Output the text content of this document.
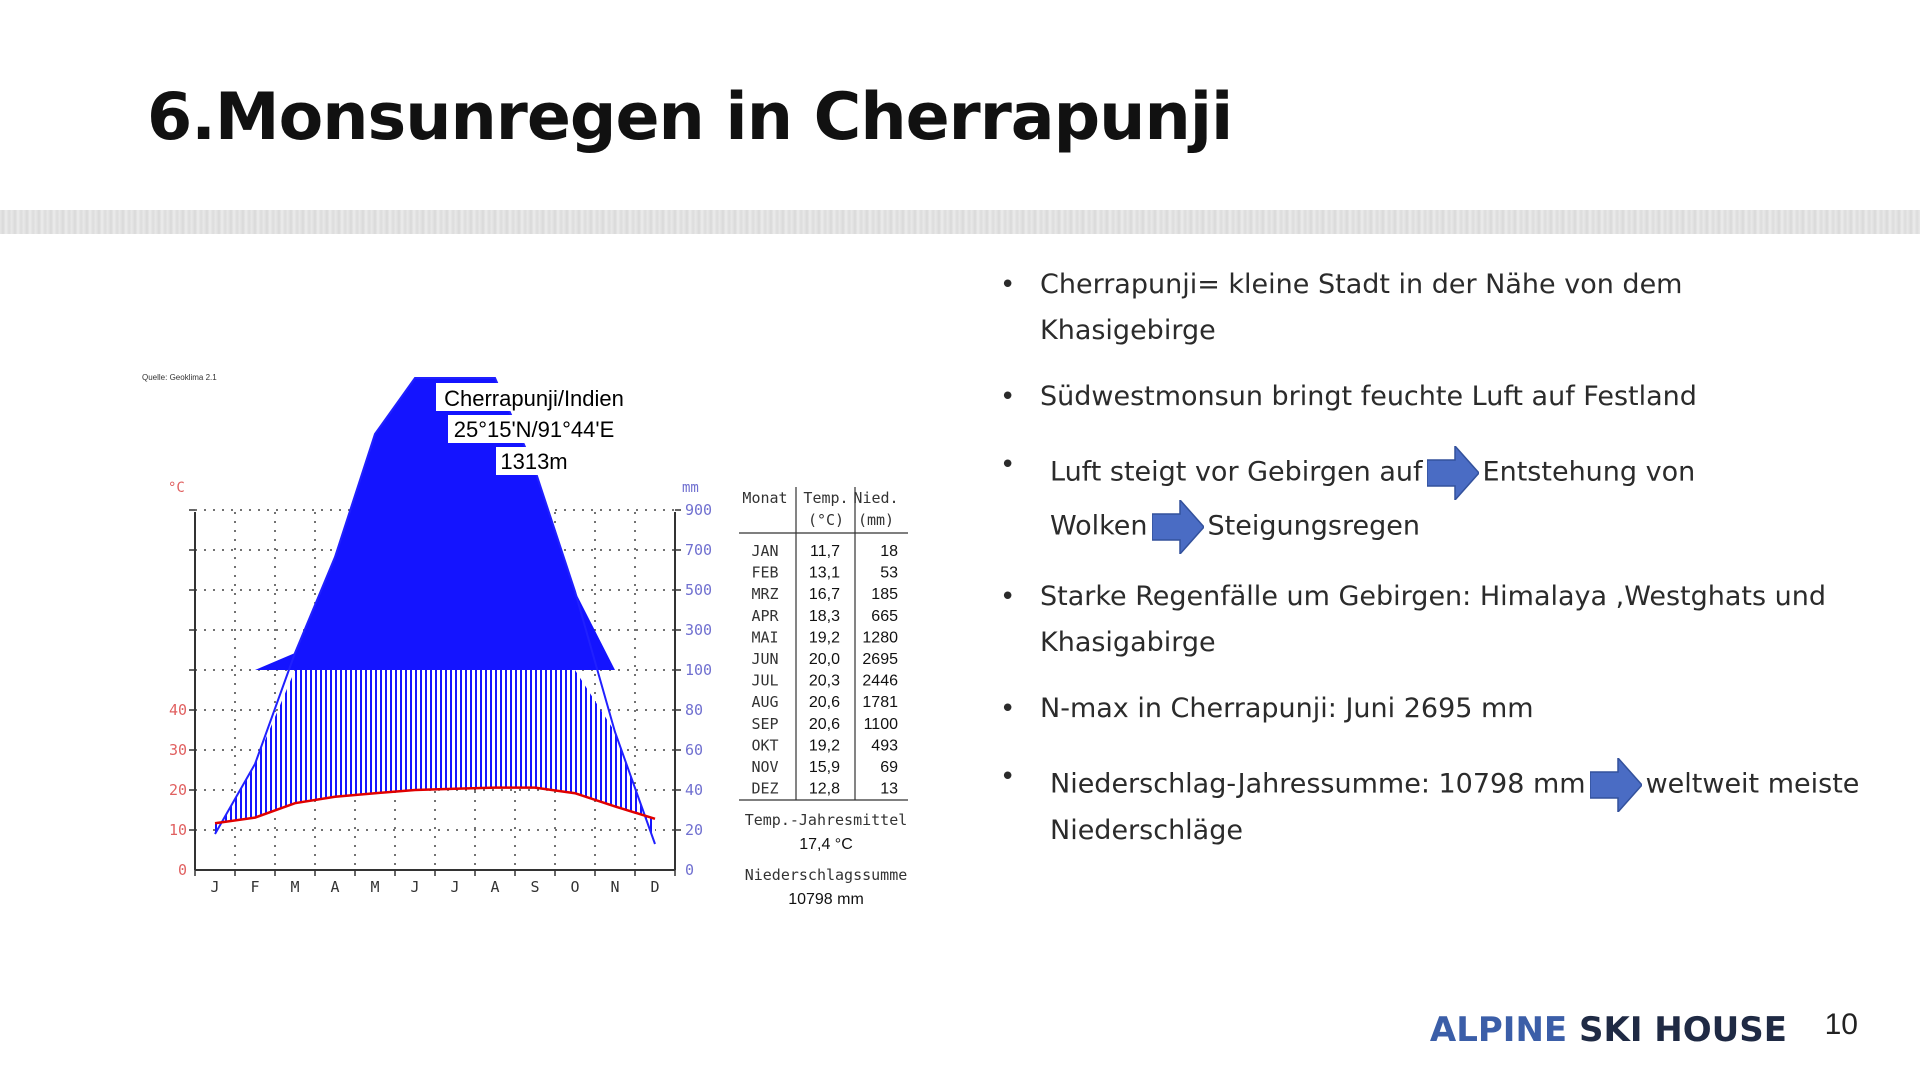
6.Monsunregen in Cherrapunji
0
10
20
30
40
0
20
40
60
80
100
300
500
700
900
J F M A M J J A S O N D
°C	mm
Quelle: Geoklima 2.1
Cherrapunji/Indien
25°15'N/91°44'E
1313m
Monat Temp.
(°C)
Nied.
(mm)
JAN 11,7	18
FEB 13,1	53
MRZ 16,7 185
APR 18,3 665
MAI 19,2 1280
JUN 20,0 2695
JUL 20,3 2446
AUG 20,6 1781
SEP 20,6 1100
OKT 19,2 493
NOV 15,9	69
DEZ 12,8	13
Temp.-Jahresmittel
17,4 °C
Niederschlagssumme
10798 mm
• Cherrapunji= kleine Stadt in der Nähe von dem
Khasigebirge
• Südwestmonsun bringt feuchte Luft auf Festland
• Luft steigt vor Gebirgen auf Entstehung von
Wolken Steigungsregen
• Starke Regenfälle um Gebirgen: Himalaya ,Westghats und
Khasigabirge
• N-max in Cherrapunji: Juni 2695 mm
• Niederschlag-Jahressumme: 10798 mm weltweit meiste
Niederschläge
ALPINE SKI HOUSE 10
